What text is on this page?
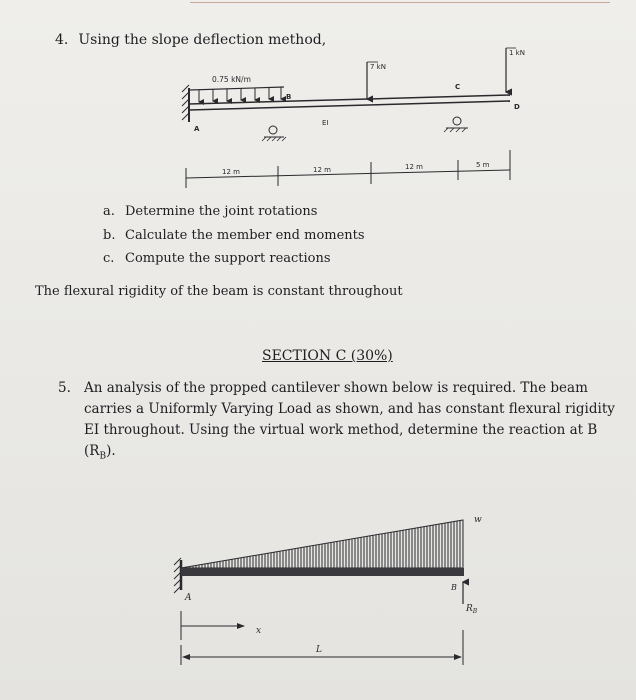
4. Using the slope deflection method,
0.75 kN/m
B
A
EI
7 kN
C
1 kN
D
12 m	12 m	12 m	5 m
a. Determine the joint rotations
b. Calculate the member end moments
c. Compute the support reactions
The flexural rigidity of the beam is constant throughout
SECTION C (30%)
5. An analysis of the propped cantilever shown below is required. The beam carries a Uniformly Varying Load as shown, and has constant flexural rigidity EI throughout. Using the virtual work method, determine the reaction at B $(R_B)$.
A
w
B
$R_B$
x
L
